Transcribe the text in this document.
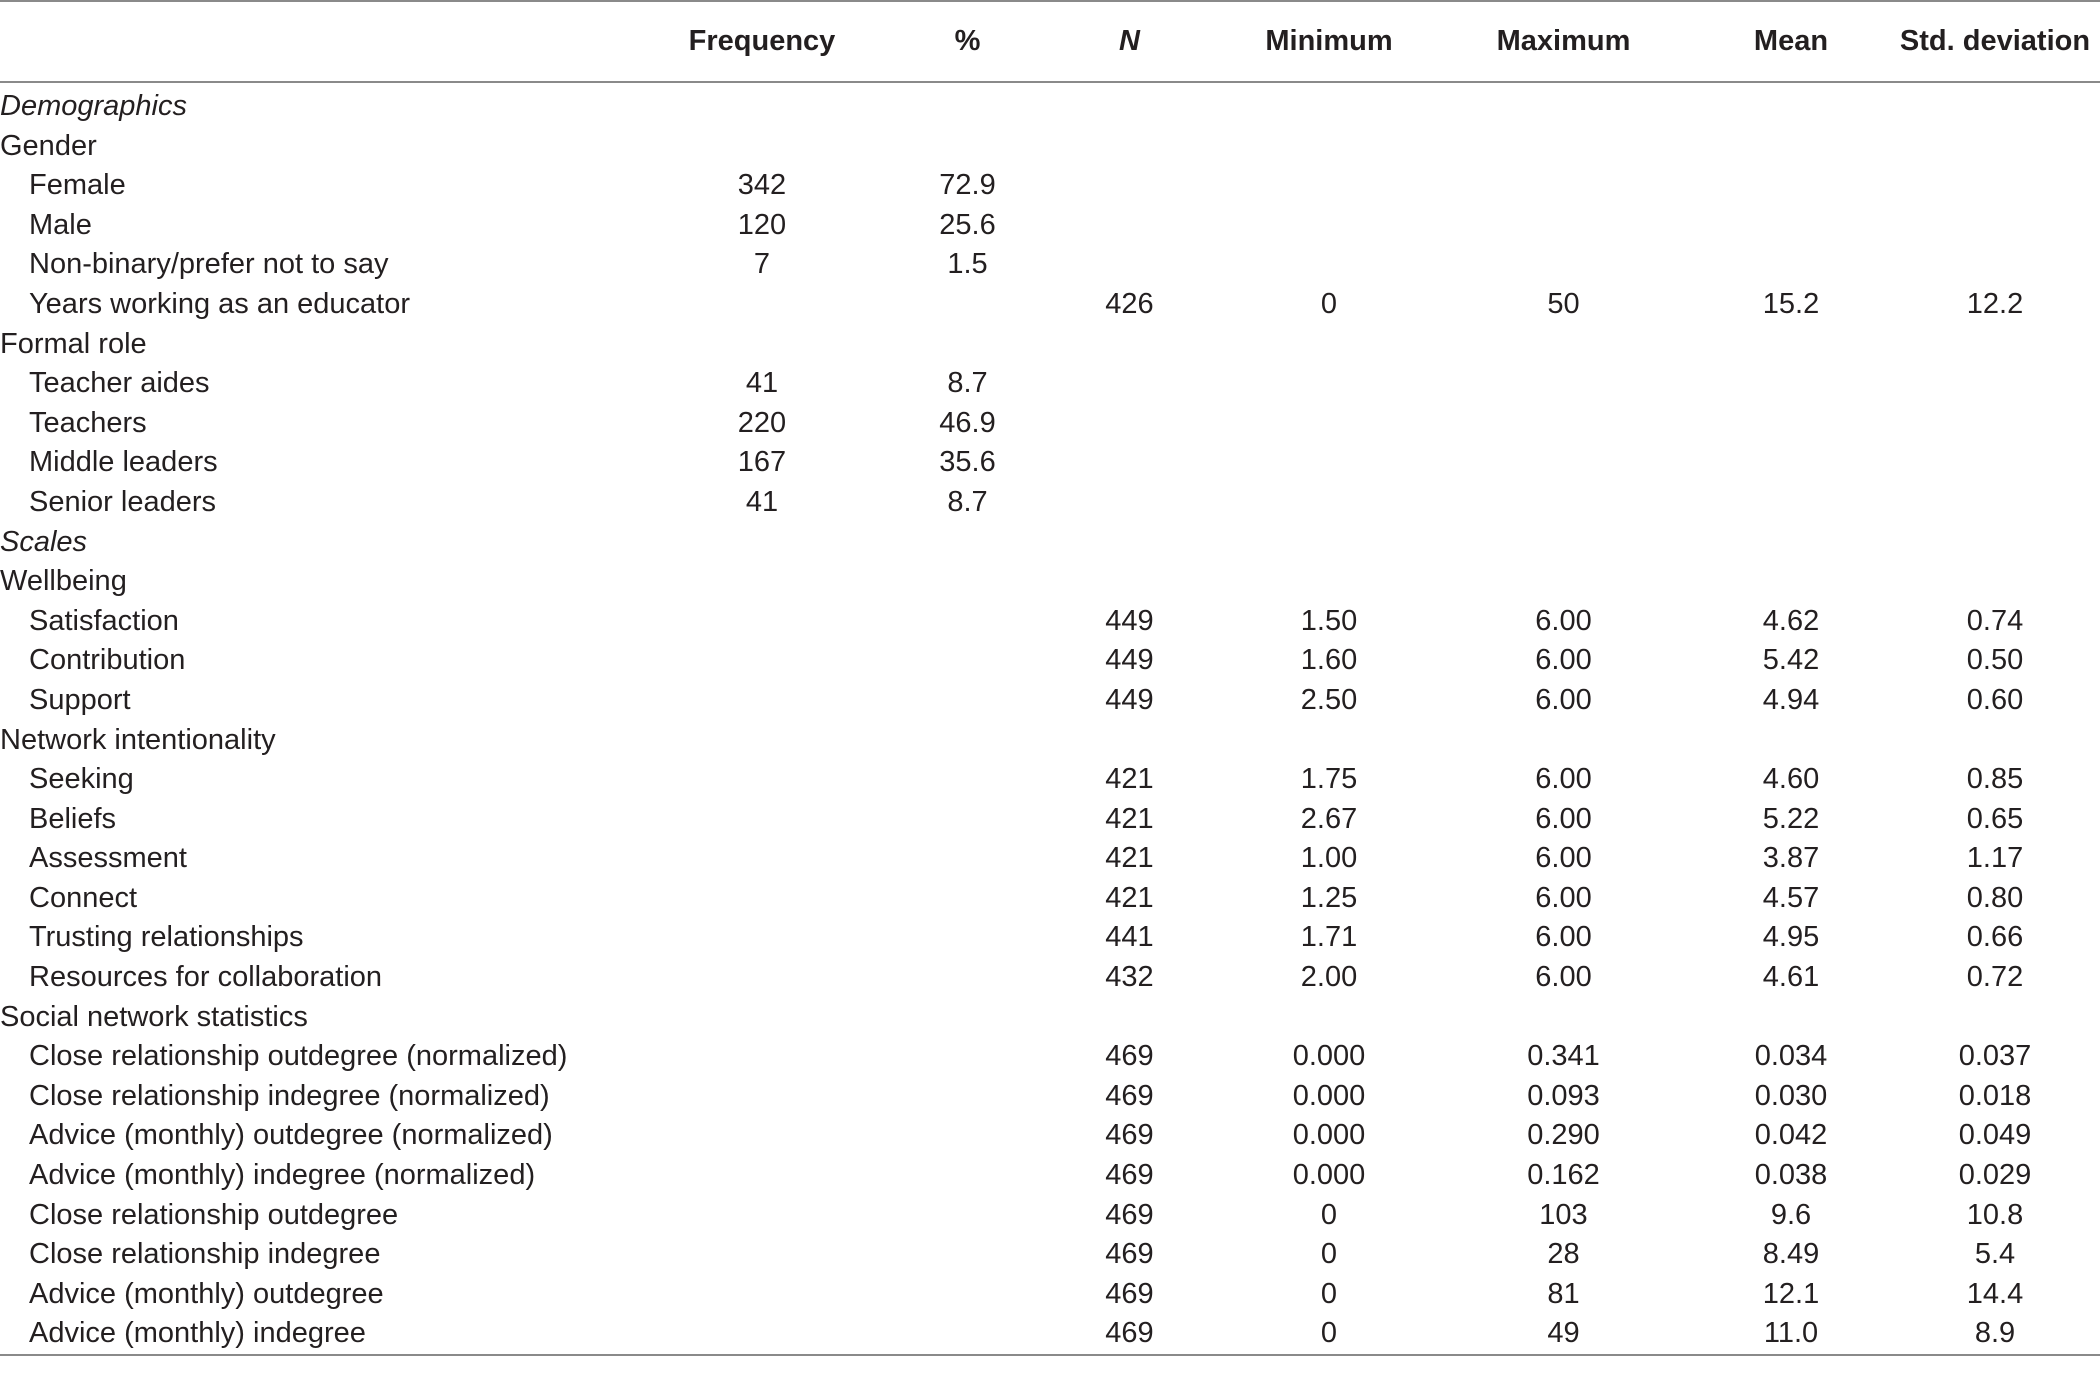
	Frequency	%	N	Minimum	Maximum	Mean	Std. deviation
Demographics							
Gender							
Female	342	72.9					
Male	120	25.6					
Non-binary/prefer not to say	7	1.5					
Years working as an educator			426	0	50	15.2	12.2
Formal role							
Teacher aides	41	8.7					
Teachers	220	46.9					
Middle leaders	167	35.6					
Senior leaders	41	8.7					
Scales							
Wellbeing							
Satisfaction			449	1.50	6.00	4.62	0.74
Contribution			449	1.60	6.00	5.42	0.50
Support			449	2.50	6.00	4.94	0.60
Network intentionality							
Seeking			421	1.75	6.00	4.60	0.85
Beliefs			421	2.67	6.00	5.22	0.65
Assessment			421	1.00	6.00	3.87	1.17
Connect			421	1.25	6.00	4.57	0.80
Trusting relationships			441	1.71	6.00	4.95	0.66
Resources for collaboration			432	2.00	6.00	4.61	0.72
Social network statistics							
Close relationship outdegree (normalized)			469	0.000	0.341	0.034	0.037
Close relationship indegree (normalized)			469	0.000	0.093	0.030	0.018
Advice (monthly) outdegree (normalized)			469	0.000	0.290	0.042	0.049
Advice (monthly) indegree (normalized)			469	0.000	0.162	0.038	0.029
Close relationship outdegree			469	0	103	9.6	10.8
Close relationship indegree			469	0	28	8.49	5.4
Advice (monthly) outdegree			469	0	81	12.1	14.4
Advice (monthly) indegree			469	0	49	11.0	8.9
